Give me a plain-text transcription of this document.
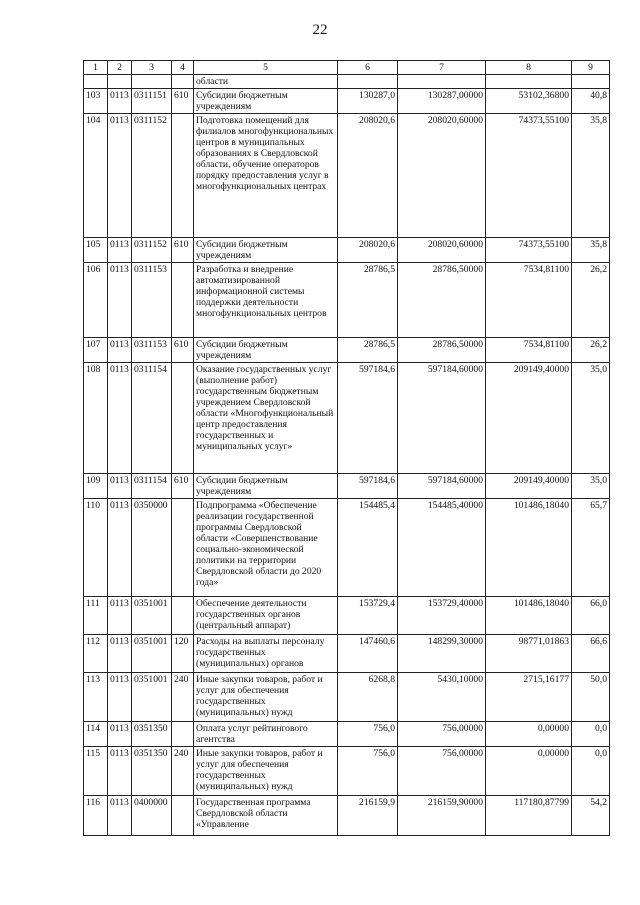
22
1	2	3	4	5	6	7	8	9
				области				
103	0113	0311151	610	Субсидии бюджетным учреждениям	130287,0	130287,00000	53102,36800	40,8
104	0113	0311152		Подготовка помещений для филиалов многофункциональных центров в муниципальных образованиях в Свердловской области, обучение операторов порядку предоставления услуг в многофункциональных центрах	208020,6	208020,60000	74373,55100	35,8
105	0113	0311152	610	Субсидии бюджетным учреждениям	208020,6	208020,60000	74373,55100	35,8
106	0113	0311153		Разработка и внедрение автоматизированной информационной системы поддержки деятельности многофункциональных центров	28786,5	28786,50000	7534,81100	26,2
107	0113	0311153	610	Субсидии бюджетным учреждениям	28786,5	28786,50000	7534,81100	26,2
108	0113	0311154		Оказание государственных услуг (выполнение работ) государственным бюджетным учреждением Свердловской области «Многофункциональный центр предоставления государственных и муниципальных услуг»	597184,6	597184,60000	209149,40000	35,0
109	0113	0311154	610	Субсидии бюджетным учреждениям	597184,6	597184,60000	209149,40000	35,0
110	0113	0350000		Подпрограмма «Обеспечение реализации государственной программы Свердловской области «Совершенствование социально-экономической политики на территории Свердловской области до 2020 года»	154485,4	154485,40000	101486,18040	65,7
111	0113	0351001		Обеспечение деятельности государственных органов (центральный аппарат)	153729,4	153729,40000	101486,18040	66,0
112	0113	0351001	120	Расходы на выплаты персоналу государственных (муниципальных) органов	147460,6	148299,30000	98771,01863	66,6
113	0113	0351001	240	Иные закупки товаров, работ и услуг для обеспечения государственных (муниципальных) нужд	6268,8	5430,10000	2715,16177	50,0
114	0113	0351350		Оплата услуг рейтингового агентства	756,0	756,00000	0,00000	0,0
115	0113	0351350	240	Иные закупки товаров, работ и услуг для обеспечения государственных (муниципальных) нужд	756,0	756,00000	0,00000	0,0
116	0113	0400000		Государственная программа Свердловской области «Управление	216159,9	216159,90000	117180,87799	54,2
